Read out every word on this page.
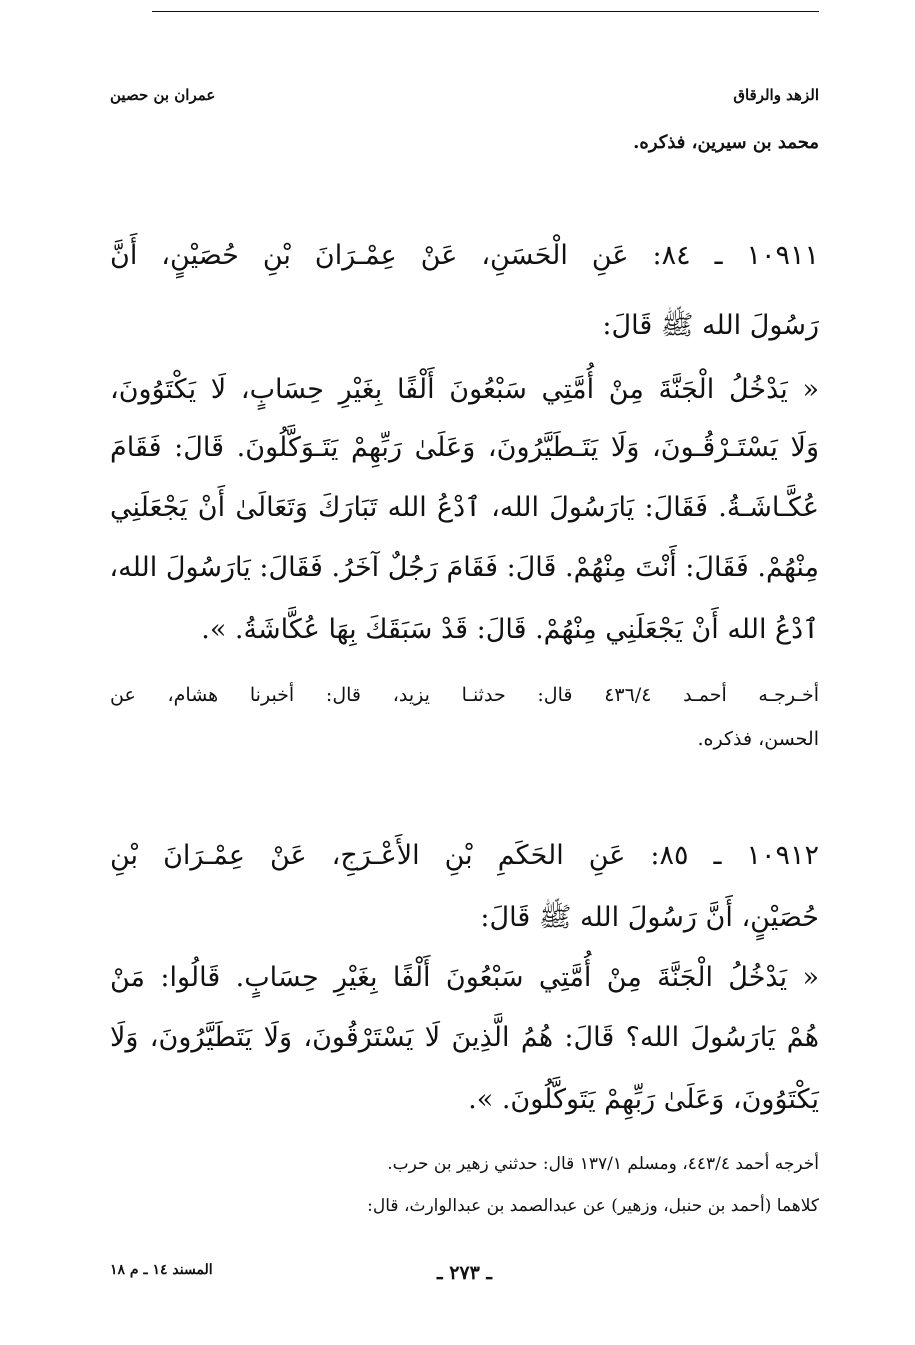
الزهد والرقاق
عمران بن حصين
محمد بن سيرين، فذكره.
١٠٩١١ ـ ٨٤: عَنِ الْحَسَنِ، عَنْ عِمْـرَانَ بْنِ حُصَيْنٍ، أَنَّ
رَسُولَ الله ﷺ قَالَ:
« يَدْخُلُ الْجَنَّةَ مِنْ أُمَّتِي سَبْعُونَ أَلْفًا بِغَيْرِ حِسَابٍ، لَا يَكْتَوُونَ،
وَلَا يَسْتَـرْقُـونَ، وَلَا يَتَـطَيَّرُونَ، وَعَلَىٰ رَبِّهِمْ يَتَـوَكَّلُونَ. قَالَ: فَقَامَ
عُكَّـاشَـةُ. فَقَالَ: يَارَسُولَ الله، ٱدْعُ الله تَبَارَكَ وَتَعَالَىٰ أَنْ يَجْعَلَنِي
مِنْهُمْ. فَقَالَ: أَنْتَ مِنْهُمْ. قَالَ: فَقَامَ رَجُلٌ آخَرُ. فَقَالَ: يَارَسُولَ الله،
ٱدْعُ الله أَنْ يَجْعَلَنِي مِنْهُمْ. قَالَ: قَدْ سَبَقَكَ بِهَا عُكَّاشَةُ. ».
أخـرجـه أحمـد ٤٣٦/٤ قال: حدثنـا يزيد، قال: أخبرنا هشام، عن
الحسن، فذكره.
١٠٩١٢ ـ ٨٥: عَنِ الحَكَمِ بْنِ الأَعْـرَجِ، عَنْ عِمْـرَانَ بْنِ
حُصَيْنٍ، أَنَّ رَسُولَ الله ﷺ قَالَ:
« يَدْخُلُ الْجَنَّةَ مِنْ أُمَّتِي سَبْعُونَ أَلْفًا بِغَيْرِ حِسَابٍ. قَالُوا: مَنْ
هُمْ يَارَسُولَ الله؟ قَالَ: هُمُ الَّذِينَ لَا يَسْتَرْقُونَ، وَلَا يَتَطَيَّرُونَ، وَلَا
يَكْتَوُونَ، وَعَلَىٰ رَبِّهِمْ يَتَوكَّلُونَ. ».
أخرجه أحمد ٤٤٣/٤، ومسلم ١٣٧/١ قال: حدثني زهير بن حرب.
كلاهما (أحمد بن حنبل، وزهير) عن عبدالصمد بن عبدالوارث، قال:
ـ ٢٧٣ ـ
المسند ١٤ ـ م ١٨
